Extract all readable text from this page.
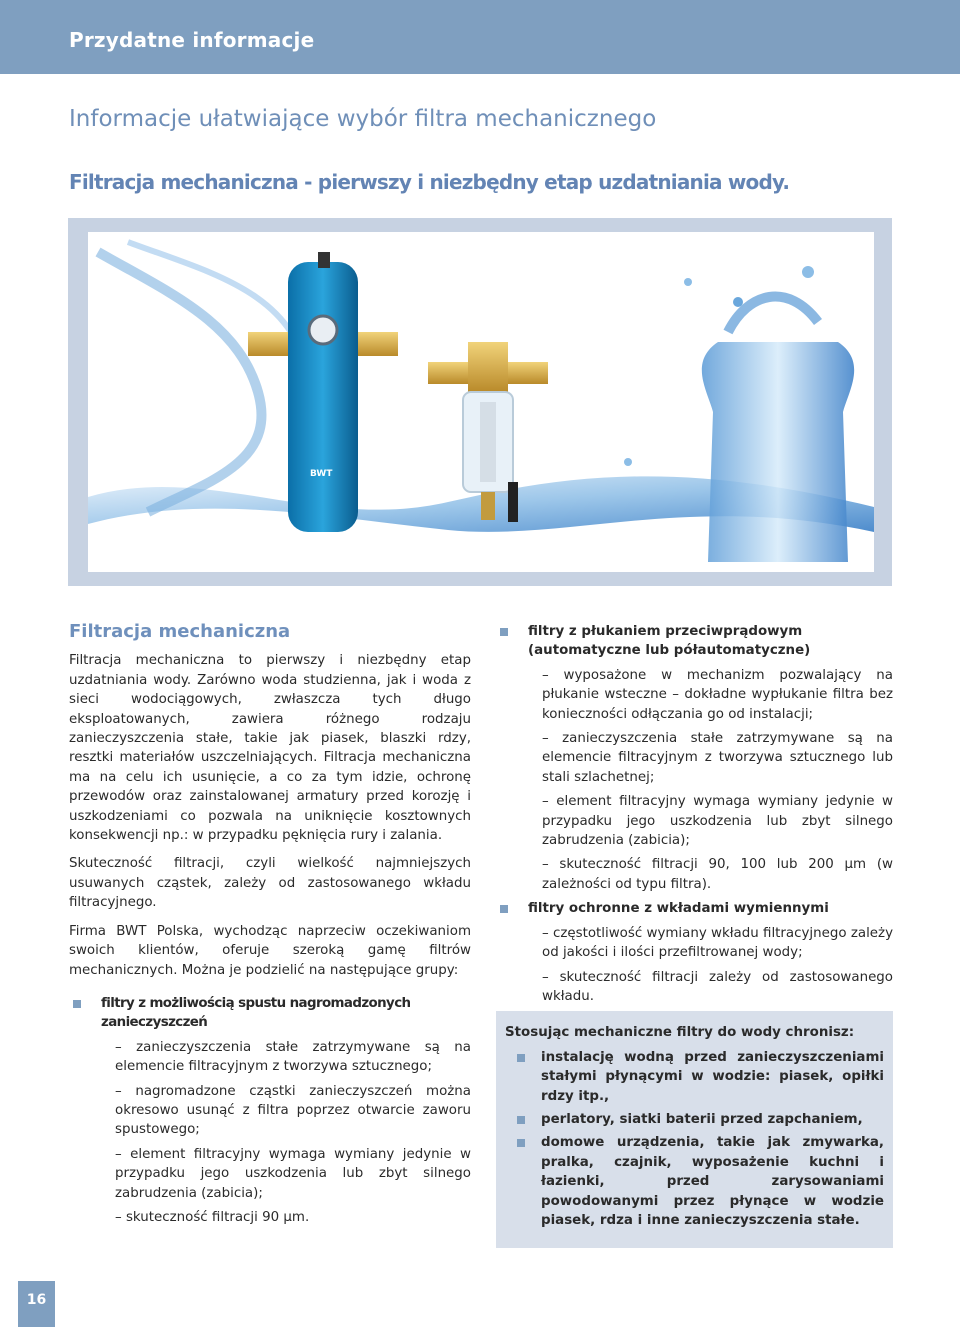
Przydatne informacje
Informacje ułatwiające wybór filtra mechanicznego
Filtracja mechaniczna - pierwszy i niezbędny etap uzdatniania wody.
BWT
Filtracja mechaniczna

Filtracja mechaniczna to pierwszy i niezbędny etap uzdatniania wody. Zarówno woda studzienna, jak i woda z sieci wodociągowych, zwłaszcza tych długo eksploatowanych, zawiera różnego rodzaju zanieczyszczenia stałe, takie jak piasek, blaszki rdzy, resztki materiałów uszczelniających. Filtracja mechaniczna ma na celu ich usunięcie, a co za tym idzie, ochronę przewodów oraz zainstalowanej armatury przed korozję i uszkodzeniami co pozwala na uniknięcie kosztownych konsekwencji np.: w przypadku pęknięcia rury i zalania.

Skuteczność filtracji, czyli wielkość najmniejszych usuwanych cząstek, zależy od zastosowanego wkładu filtracyjnego.

Firma BWT Polska, wychodząc naprzeciw oczekiwaniom swoich klientów, oferuje szeroką gamę filtrów mechanicznych. Można je podzielić na następujące grupy:

filtry z możliwością spustu nagromadzonych zanieczyszczeń
– zanieczyszczenia stałe zatrzymywane są na elemencie filtracyjnym z tworzywa sztucznego;
– nagromadzone cząstki zanieczyszczeń można okresowo usunąć z filtra poprzez otwarcie zaworu spustowego;
– element filtracyjny wymaga wymiany jedynie w przypadku jego uszkodzenia lub zbyt silnego zabrudzenia (zabicia);
– skuteczność filtracji 90 µm.
filtry z płukaniem przeciwprądowym (automatyczne lub półautomatyczne)
– wyposażone w mechanizm pozwalający na płukanie wsteczne – dokładne wypłukanie filtra bez konieczności odłączania go od instalacji;
– zanieczyszczenia stałe zatrzymywane są na elemencie filtracyjnym z tworzywa sztucznego lub stali szlachetnej;
– element filtracyjny wymaga wymiany jedynie w przypadku jego uszkodzenia lub zbyt silnego zabrudzenia (zabicia);
– skuteczność filtracji 90, 100 lub 200 µm (w zależności od typu filtra).
filtry ochronne z wkładami wymiennymi
– częstotliwość wymiany wkładu filtracyjnego zależy od jakości i ilości przefiltrowanej wody;
– skuteczność filtracji zależy od zastosowanego wkładu.
Stosując mechaniczne filtry do wody chronisz:
instalację wodną przed zanieczyszczeniami stałymi płynącymi w wodzie: piasek, opiłki rdzy itp.,
perlatory, siatki baterii przed zapchaniem,
domowe urządzenia, takie jak zmywarka, pralka, czajnik, wyposażenie kuchni i łazienki, przed zarysowaniami powodowanymi przez płynące w wodzie piasek, rdza i inne zanieczyszczenia stałe.
16
